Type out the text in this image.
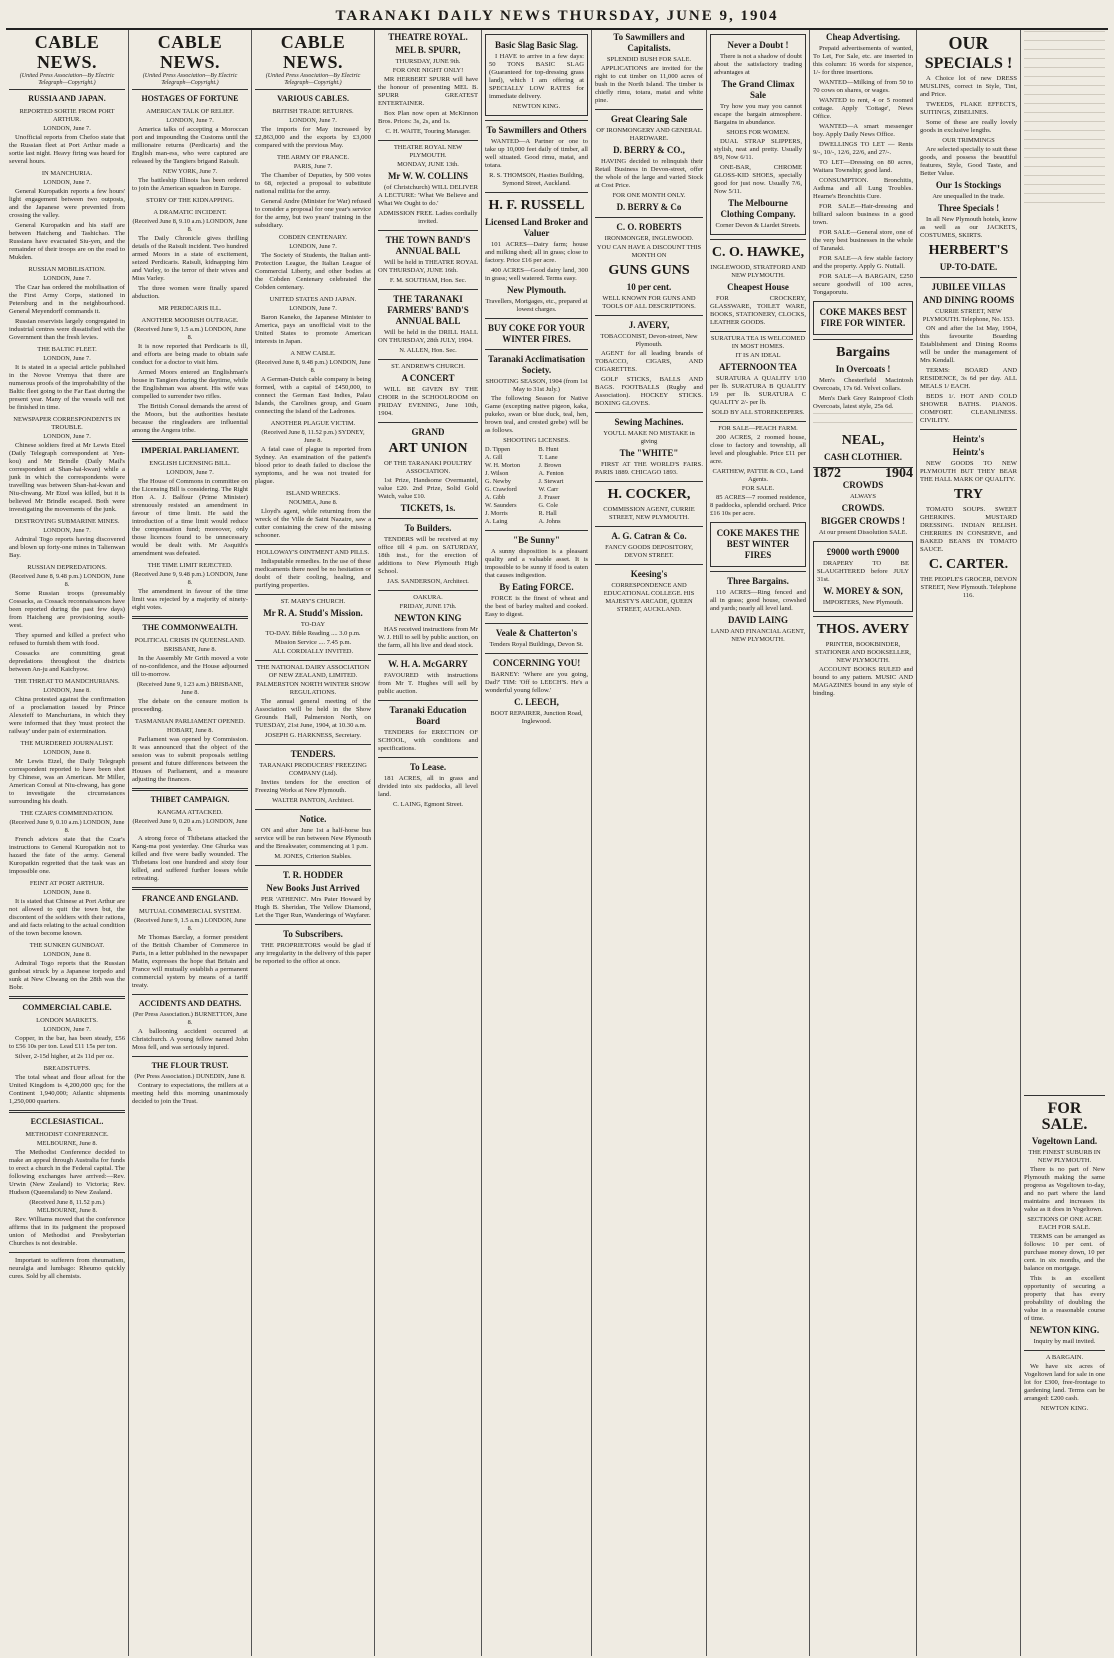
TARANAKI DAILY NEWS THURSDAY, JUNE 9, 1904
CABLE NEWS.
(United Press Association—By Electric Telegraph—Copyright.)
RUSSIA AND JAPAN.
REPORTED SORTIE FROM PORT ARTHUR.
LONDON, June 7.

Unofficial reports from Chefoo state that the Russian fleet at Port Arthur made a sortie last night. Heavy firing was heard for several hours.

IN MANCHURIA.
LONDON, June 7.

General Kuropatkin reports a few hours' light engagement between two outposts, and the Japanese were prevented from crossing the valley.

General Kuropatkin and his staff are between Haicheng and Tashichao. The Russians have evacuated Siu-yen, and the remainder of their troops are on the road to Mukden.

RUSSIAN MOBILISATION.
LONDON, June 7.

The Czar has ordered the mobilisation of the First Army Corps, stationed in Petersburg and in the neighbourhood. General Meyendorff commands it.

Russian reservists largely congregated in industrial centres were dissatisfied with the Government than the fresh levies.

THE BALTIC FLEET.
LONDON, June 7.

It is stated in a special article published in the Novoe Vremya that there are numerous proofs of the improbability of the Baltic fleet going to the Far East during the present year. Many of the vessels will not be finished in time.

NEWSPAPER CORRESPONDENTS IN TROUBLE.
LONDON, June 7.

Chinese soldiers fired at Mr Lewis Etzel (Daily Telegraph correspondent at Yen-kou) and Mr Brindle (Daily Mail's correspondent at Shan-hai-kwan) while a junk in which the correspondents were travelling was between Shan-hai-kwan and Niu-chwang. Mr Etzel was killed, but it is believed Mr Brindle escaped. Both were investigating the movements of the junk.

DESTROYING SUBMARINE MINES.
LONDON, June 7.

Admiral Togo reports having discovered and blown up forty-one mines in Talienwan Bay.

RUSSIAN DEPREDATIONS.
(Received June 8, 9.48 p.m.) LONDON, June 8.

Some Russian troops (presumably Cossacks, as Cossack reconnaissances have been reported during the past few days) from Haicheng are provisioning south-west.

They spurned and killed a prefect who refused to furnish them with food.

Cossacks are committing great depredations throughout the districts between An-ju and Kaichyow.

THE THREAT TO MANDCHURIANS.
LONDON, June 8.

China protested against the confirmation of a proclamation issued by Prince Alexeieff to Manchurians, in which they were informed that they 'must protect the railway' under pain of extermination.

THE MURDERED JOURNALIST.
LONDON, June 8.

Mr Lewis Etzel, the Daily Telegraph correspondent reported to have been shot by Chinese, was an American. Mr Miller, American Consul at Niu-chwang, has gone to investigate the circumstances surrounding his death.

THE CZAR'S COMMENDATION.
(Received June 9, 0.10 a.m.) LONDON, June 8.

French advices state that the Czar's instructions to General Kuropatkin not to hazard the fate of the army. General Kuropatkin regretted that the task was an impossible one.

FEINT AT PORT ARTHUR.
LONDON, June 8.

It is stated that Chinese at Port Arthur are not allowed to quit the town but, the discontent of the soldiers with their rations, and aid facts relating to the actual condition of the town become known.

THE SUNKEN GUNBOAT.
LONDON, June 8.

Admiral Togo reports that the Russian gunboat struck by a Japanese torpedo and sunk at New Chwang on the 28th was the Bobr.

COMMERCIAL CABLE.
LONDON MARKETS.
LONDON, June 7.

Copper, in the bar, has been steady, £56 to £56 10s per ton. Lead £11 15s per ton.

Silver, 2-15d higher, at 2s 11d per oz.

BREADSTUFFS.

The total wheat and flour afloat for the United Kingdom is 4,200,000 qrs; for the Continent 1,940,000; Atlantic shipments 1,250,000 quarters.

ECCLESIASTICAL.
METHODIST CONFERENCE.
MELBOURNE, June 8.

The Methodist Conference decided to make an appeal through Australia for funds to erect a church in the Federal capital. The following exchanges have arrived:—Rev. Urwin (New Zealand) to Victoria; Rev. Hudson (Queensland) to New Zealand.

(Received June 8, 11.52 p.m.) MELBOURNE, June 8.

Rev. Williams moved that the conference affirms that in its judgment the proposed union of Methodist and Presbyterian Churches is not desirable.

Important to sufferers from rheumatism, neuralgia and lumbago: Rheumo quickly cures. Sold by all chemists.

CABLE NEWS.
(United Press Association—By Electric Telegraph—Copyright.)
HOSTAGES OF FORTUNE
AMERICAN TALK OF RELIEF.
LONDON, June 7.

America talks of accepting a Moroccan port and impounding the Customs until the millionaire returns (Perdicaris) and the English man-ess, who were captured are released by the Tangiers brigand Raisuli.

NEW YORK, June 7.

The battleship Illinois has been ordered to join the American squadron in Europe.

STORY OF THE KIDNAPPING.
A DRAMATIC INCIDENT.
(Received June 8, 9.10 a.m.) LONDON, June 8.

The Daily Chronicle gives thrilling details of the Raisuli incident. Two hundred armed Moors in a state of excitement, seized Perdicaris. Raisuli, kidnapping him and Varley, to the terror of their wives and Miss Varley.

The three women were finally spared abduction.

MR PERDICARIS ILL.
ANOTHER MOORISH OUTRAGE.
(Received June 9, 1.5 a.m.) LONDON, June 8.

It is now reported that Perdicaris is ill, and efforts are being made to obtain safe conduct for a doctor to visit him.

Armed Moors entered an Englishman's house in Tangiers during the daytime, while the Englishman was absent. His wife was compelled to surrender two rifles.

The British Consul demands the arrest of the Moors, but the authorities hesitate because the ringleaders are influential among the Angera tribe.

IMPERIAL PARLIAMENT.
ENGLISH LICENSING BILL.
LONDON, June 7.

The House of Commons in committee on the Licensing Bill is considering. The Right Hon A. J. Balfour (Prime Minister) strenuously resisted an amendment in favour of time limit. He said the introduction of a time limit would reduce the compensation fund; moreover, only those licences found to be unnecessary would be dealt with. Mr Asquith's amendment was defeated.

THE TIME LIMIT REJECTED.
(Received June 9, 9.48 p.m.) LONDON, June 8.

The amendment in favour of the time limit was rejected by a majority of ninety-eight votes.

THE COMMONWEALTH.
POLITICAL CRISIS IN QUEENSLAND.
BRISBANE, June 8.

In the Assembly Mr Grith moved a vote of no-confidence, and the House adjourned till to-morrow.

(Received June 9, 1.23 a.m.) BRISBANE, June 8.

The debate on the censure motion is proceeding.

TASMANIAN PARLIAMENT OPENED.
HOBART, June 8.

Parliament was opened by Commission. It was announced that the object of the session was to submit proposals settling present and future differences between the Houses of Parliament, and a measure adjusting the finances.

THIBET CAMPAIGN.
KANGMA ATTACKED.
(Received June 9, 0.20 a.m.) LONDON, June 8.

A strong force of Thibetans attacked the Kang-ma post yesterday. One Ghurka was killed and five were badly wounded. The Thibetans lost one hundred and sixty four killed, and suffered further losses while retreating.

FRANCE AND ENGLAND.
MUTUAL COMMERCIAL SYSTEM.
(Received June 9, 1.5 a.m.) LONDON, June 8.

Mr Thomas Barclay, a former president of the British Chamber of Commerce in Paris, in a letter published in the newspaper Matin, expresses the hope that Britain and France will mutually establish a permanent commercial system by means of a tariff treaty.

ACCIDENTS AND DEATHS.
(Per Press Association.) BURNETTON, June 8.

A ballooning accident occurred at Christchurch. A young fellow named John Moss fell, and was seriously injured.

THE FLOUR TRUST.
(Per Press Association.) DUNEDIN, June 8.

Contrary to expectations, the millers at a meeting held this morning unanimously decided to join the Trust.

CABLE NEWS.
(United Press Association—By Electric Telegraph—Copyright.)
VARIOUS CABLES.
BRITISH TRADE RETURNS.
LONDON, June 7.

The imports for May increased by £2,863,000 and the exports by £3,000 compared with the previous May.

THE ARMY OF FRANCE.
PARIS, June 7.

The Chamber of Deputies, by 500 votes to 68, rejected a proposal to substitute national militia for the army.

General Andre (Minister for War) refused to consider a proposal for one year's service for the army, but two years' training in the subsidiary.

COBDEN CENTENARY.
LONDON, June 7.

The Society of Students, the Italian anti-Protection League, the Italian League of Commercial Liberty, and other bodies at the Cobden Centenary celebrated the Cobden centenary.

UNITED STATES AND JAPAN.
LONDON, June 7.

Baron Kaneko, the Japanese Minister to America, pays an unofficial visit to the United States to promote American interests in Japan.

A NEW CABLE.
(Received June 8, 9.48 p.m.) LONDON, June 8.

A German-Dutch cable company is being formed, with a capital of £450,000, to connect the German East Indies, Palau Islands, the Carolines group, and Guam connecting the island of the Ladrones.

ANOTHER PLAGUE VICTIM.
(Received June 8, 11.52 p.m.) SYDNEY, June 8.

A fatal case of plague is reported from Sydney. An examination of the patient's blood prior to death failed to disclose the symptoms, and he was not treated for plague.

ISLAND WRECKS.
NOUMEA, June 8.

Lloyd's agent, while returning from the wreck of the Ville de Saint Nazaire, saw a cutter containing the crew of the missing schooner.

HOLLOWAY'S OINTMENT AND PILLS.

Indisputable remedies. In the use of these medicaments there need be no hesitation or doubt of their cooling, healing, and purifying properties.

ST. MARY'S CHURCH.
Mr R. A. Studd's Mission.
TO-DAY
TO-DAY. Bible Reading .... 3.0 p.m.
Mission Service .... 7.45 p.m.
ALL CORDIALLY INVITED.
THE NATIONAL DAIRY ASSOCIATION OF NEW ZEALAND, LIMITED.
PALMERSTON NORTH WINTER SHOW REGULATIONS.

The annual general meeting of the Association will be held in the Show Grounds Hall, Palmerston North, on TUESDAY, 21st June, 1904, at 10.30 a.m.

JOSEPH G. HARKNESS, Secretary.
TENDERS.
TARANAKI PRODUCERS' FREEZING COMPANY (Ltd).

Invites tenders for the erection of Freezing Works at New Plymouth.

WALTER PANTON, Architect.
Notice.

ON and after June 1st a half-horse bus service will be run between New Plymouth and the Breakwater, commencing at 1 p.m.

M. JONES, Criterion Stables.
T. R. HODDER
New Books Just Arrived

PER 'ATHENIC'. Mrs Pater Howard by Hugh B. Sheridan, The Yellow Diamond, Let the Tiger Run, Wanderings of Wayfarer.

To Subscribers.

THE PROPRIETORS would be glad if any irregularity in the delivery of this paper be reported to the office at once.

THEATRE ROYAL.
MEL B. SPURR,
THURSDAY, JUNE 9th.
FOR ONE NIGHT ONLY!

MR HERBERT SPURR will have the honour of presenting MEL B. SPURR GREATEST ENTERTAINER.

Box Plan now open at McKinnon Bros. Prices: 3s, 2s, and 1s.

C. H. WAITE, Touring Manager.
THEATRE ROYAL NEW PLYMOUTH.
MONDAY, JUNE 13th.
Mr W. W. COLLINS

(of Christchurch) WILL DELIVER A LECTURE: 'What We Believe and What We Ought to do.'

ADMISSION FREE. Ladies cordially invited.
THE TOWN BAND'S ANNUAL BALL

Will be held in THEATRE ROYAL ON THURSDAY, JUNE 16th.

F. M. SOUTHAM, Hon. Sec.
THE TARANAKI FARMERS' BAND'S ANNUAL BALL

Will be held in the DRILL HALL ON THURSDAY, 28th JULY, 1904.

N. ALLEN, Hon. Sec.
ST. ANDREW'S CHURCH.
A CONCERT

WILL BE GIVEN BY THE CHOIR in the SCHOOLROOM on FRIDAY EVENING, June 10th, 1904.

GRAND
ART UNION
OF THE TARANAKI POULTRY ASSOCIATION.

1st Prize, Handsome Overmantel, value £20. 2nd Prize, Solid Gold Watch, value £10.

TICKETS, 1s.
To Builders.

TENDERS will be received at my office till 4 p.m. on SATURDAY, 18th inst., for the erection of additions to New Plymouth High School.

JAS. SANDERSON, Architect.
OAKURA.
FRIDAY, JUNE 17th.
NEWTON KING

HAS received instructions from Mr W. J. Hill to sell by public auction, on the farm, all his live and dead stock.

W. H. A. McGARRY

FAVOURED with instructions from Mr T. Hughes will sell by public auction.

Taranaki Education Board

TENDERS for ERECTION OF SCHOOL, with conditions and specifications.

To Lease.

181 ACRES, all in grass and divided into six paddocks, all level land.

C. LAING, Egmont Street.
Basic Slag Basic Slag.

I HAVE to arrive in a few days: 50 TONS BASIC SLAG (Guaranteed for top-dressing grass land), which I am offering at SPECIALLY LOW RATES for immediate delivery.

NEWTON KING.
To Sawmillers and Others

WANTED—A Partner or one to take up 10,000 feet daily of timber, all well situated. Good rimu, matai, and totara.

R. S. THOMSON, Hasties Building, Symond Street, Auckland.
H. F. RUSSELL
Licensed Land Broker and Valuer

101 ACRES—Dairy farm; house and milking shed; all in grass; close to factory. Price £16 per acre.

400 ACRES—Good dairy land, 300 in grass; well watered. Terms easy.

New Plymouth.
Travellers, Mortgages, etc., prepared at lowest charges.
BUY COKE FOR YOUR WINTER FIRES.
Taranaki Acclimatisation Society.
SHOOTING SEASON, 1904 (from 1st May to 31st July.)

The following Season for Native Game (excepting native pigeon, kaka, pukeko, swan or blue duck, teal, hen, brown teal, and crested grebe) will be as follows.

SHOOTING LICENSES.
D. Tippen
A. Gill
W. H. Morton
J. Wilson
G. Newby
G. Crawford
A. Gibb
W. Saunders
J. Morris
A. Laing
B. Hunt
T. Lane
J. Brown
A. Fenton
J. Stewart
W. Carr
J. Fraser
G. Cole
R. Hall
A. Johns
"Be Sunny"

A sunny disposition is a pleasant quality and a valuable asset. It is impossible to be sunny if food is eaten that causes indigestion.

By Eating FORCE.

FORCE is the finest of wheat and the best of barley malted and cooked. Easy to digest.

Veale & Chatterton's
Tenders Royal Buildings, Devon St.
CONCERNING YOU!

BARNEY: 'Where are you going, Dad?' TIM: 'Off to LEECH'S. He's a wonderful young fellow.'

C. LEECH,
BOOT REPAIRER, Junction Road, Inglewood.
To Sawmillers and Capitalists.
SPLENDID BUSH FOR SALE.

APPLICATIONS are invited for the right to cut timber on 11,000 acres of bush in the North Island. The timber is chiefly rimu, totara, matai and white pine.

Great Clearing Sale
OF IRONMONGERY AND GENERAL HARDWARE.
D. BERRY & CO.,

HAVING decided to relinquish their Retail Business in Devon-street, offer the whole of the large and varied Stock at Cost Price.

FOR ONE MONTH ONLY.
D. BERRY & Co
C. O. ROBERTS
IRONMONGER, INGLEWOOD.
YOU CAN HAVE A DISCOUNT THIS MONTH ON
GUNS GUNS
10 per cent.
WELL KNOWN FOR GUNS AND TOOLS OF ALL DESCRIPTIONS.
J. AVERY,
TOBACCONIST, Devon-street, New Plymouth.

AGENT for all leading brands of TOBACCO, CIGARS, AND CIGARETTES.

GOLF STICKS, BALLS AND BAGS. FOOTBALLS (Rugby and Association). HOCKEY STICKS. BOXING GLOVES.

Sewing Machines.
YOU'LL MAKE NO MISTAKE in giving
The "WHITE"

FIRST AT THE WORLD'S FAIRS. PARIS 1889. CHICAGO 1893.

H. COCKER,
COMMISSION AGENT, CURRIE STREET, NEW PLYMOUTH.
A. G. Catran & Co.
FANCY GOODS DEPOSITORY, DEVON STREET.
Keesing's
CORRESPONDENCE AND EDUCATIONAL COLLEGE. HIS MAJESTY'S ARCADE, QUEEN STREET, AUCKLAND.
Never a Doubt !

There is not a shadow of doubt about the satisfactory trading advantages at

The Grand Climax Sale

Try how you may you cannot escape the bargain atmosphere. Bargains in abundance.

SHOES FOR WOMEN.

DUAL STRAP SLIPPERS, stylish, neat and pretty. Usually 8/9, Now 6/11.

ONE-BAR, CHROME GLOSS-KID SHOES, specially good for just now. Usually 7/6, Now 5/11.

The Melbourne Clothing Company.
Corner Devon & Liardet Streets.
C. O. HAWKE,
INGLEWOOD, STRATFORD AND NEW PLYMOUTH.
Cheapest House

FOR CROCKERY, GLASSWARE, TOILET WARE, BOOKS, STATIONERY, CLOCKS, LEATHER GOODS.

SURATURA TEA IS WELCOMED IN MOST HOMES.
IT IS AN IDEAL
AFTERNOON TEA

SURATURA A QUALITY 1/10 per lb. SURATURA B QUALITY 1/9 per lb. SURATURA C QUALITY 2/- per lb.

SOLD BY ALL STOREKEEPERS.
FOR SALE—PEACH FARM.

200 ACRES, 2 roomed house, close to factory and township, all level and ploughable. Price £11 per acre.

CARTHEW, PATTIE & CO., Land Agents.
FOR SALE.

85 ACRES—7 roomed residence, 8 paddocks, splendid orchard. Price £16 10s per acre.

COKE MAKES THE BEST WINTER FIRES
Three Bargains.

110 ACRES—Ring fenced and all in grass; good house, cowshed and yards; nearly all level land.

DAVID LAING
LAND AND FINANCIAL AGENT, NEW PLYMOUTH.
Cheap Advertising.

Prepaid advertisements of wanted, To Let, For Sale, etc. are inserted in this column: 16 words for sixpence, 1/- for three insertions.

WANTED—Milking of from 50 to 70 cows on shares, or wages.

WANTED to rent, 4 or 5 roomed cottage. Apply 'Cottage', News Office.

WANTED—A smart messenger boy. Apply Daily News Office.

DWELLINGS TO LET — Rents 9/-, 10/-, 12/6, 22/6, and 27/-.

TO LET—Dressing on 80 acres, Waitara Township; good land.

CONSUMPTION. Bronchitis, Asthma and all Lung Troubles. Hearne's Bronchitis Cure.

FOR SALE—Hair-dressing and billiard saloon business in a good town.

FOR SALE—General store, one of the very best businesses in the whole of Taranaki.

FOR SALE—A few stable factory and the property. Apply G. Nuttall.

FOR SALE—A BARGAIN, £250 secure goodwill of 100 acres, Tongaporutu.

COKE MAKES BEST FIRE FOR WINTER.
Bargains
In Overcoats !

Men's Chesterfield Macintosh Overcoats, 17s 6d. Velvet collars.

Men's Dark Grey Rainproof Cloth Overcoats, latest style, 25s 6d.

NEAL,
CASH CLOTHIER.
1872	1904
CROWDS
ALWAYS
CROWDS.
BIGGER CROWDS !
At our present Dissolution SALE.
£9000 worth £9000

DRAPERY TO BE SLAUGHTERED before JULY 31st.

W. MOREY & SON,
IMPORTERS, New Plymouth.
THOS. AVERY
PRINTER, BOOKBINDER, STATIONER AND BOOKSELLER, NEW PLYMOUTH.

ACCOUNT BOOKS RULED and bound to any pattern. MUSIC AND MAGAZINES bound in any style of binding.

OUR
SPECIALS !

A Choice lot of new DRESS MUSLINS, correct in Style, Tint, and Price.

TWEEDS, FLAKE EFFECTS, SUITINGS, ZIBELINES.

Some of these are really lovely goods in exclusive lengths.

OUR TRIMMINGS

Are selected specially to suit these goods, and possess the beautiful features, Style, Good Taste, and Better Value.

Our 1s Stockings
Are unequalled in the trade.
Three Specials !

In all New Plymouth hotels, know as well as our JACKETS, COSTUMES, SKIRTS.

HERBERT'S
UP-TO-DATE.
JUBILEE VILLAS
AND DINING ROOMS
CURRIE STREET, NEW PLYMOUTH. Telephone, No. 153.

ON and after the 1st May, 1904, this favourite Boarding Establishment and Dining Rooms will be under the management of Mrs Kendall.

TERMS: BOARD AND RESIDENCE, 3s 6d per day. ALL MEALS 1/ EACH.

BEDS 1/. HOT AND COLD SHOWER BATHS. PIANOS. COMFORT. CLEANLINESS. CIVILITY.

Heintz's
Heintz's

NEW GOODS TO NEW PLYMOUTH BUT THEY BEAR THE HALL MARK OF QUALITY.

TRY

TOMATO SOUPS. SWEET GHERKINS. MUSTARD DRESSING. INDIAN RELISH. CHERRIES IN CONSERVE, and BAKED BEANS IN TOMATO SAUCE.

C. CARTER.
THE PEOPLE'S GROCER, DEVON STREET, New Plymouth. Telephone 116.
FOR SALE.
Vogeltown Land.
THE FINEST SUBURB IN NEW PLYMOUTH.

There is no part of New Plymouth making the same progress as Vogeltown to-day, and no part where the land maintains and increases its value as it does in Vogeltown.

SECTIONS OF ONE ACRE EACH FOR SALE.

TERMS can be arranged as follows: 10 per cent. of purchase money down, 10 per cent. in six months, and the balance on mortgage.

This is an excellent opportunity of securing a property that has every probability of doubling the value in a reasonable course of time.

NEWTON KING.
Inquiry by mail invited.
A BARGAIN.

We have six acres of Vogeltown land for sale in one lot for £300, free-frontage to gardening land. Terms can be arranged: £200 cash.

NEWTON KING.
